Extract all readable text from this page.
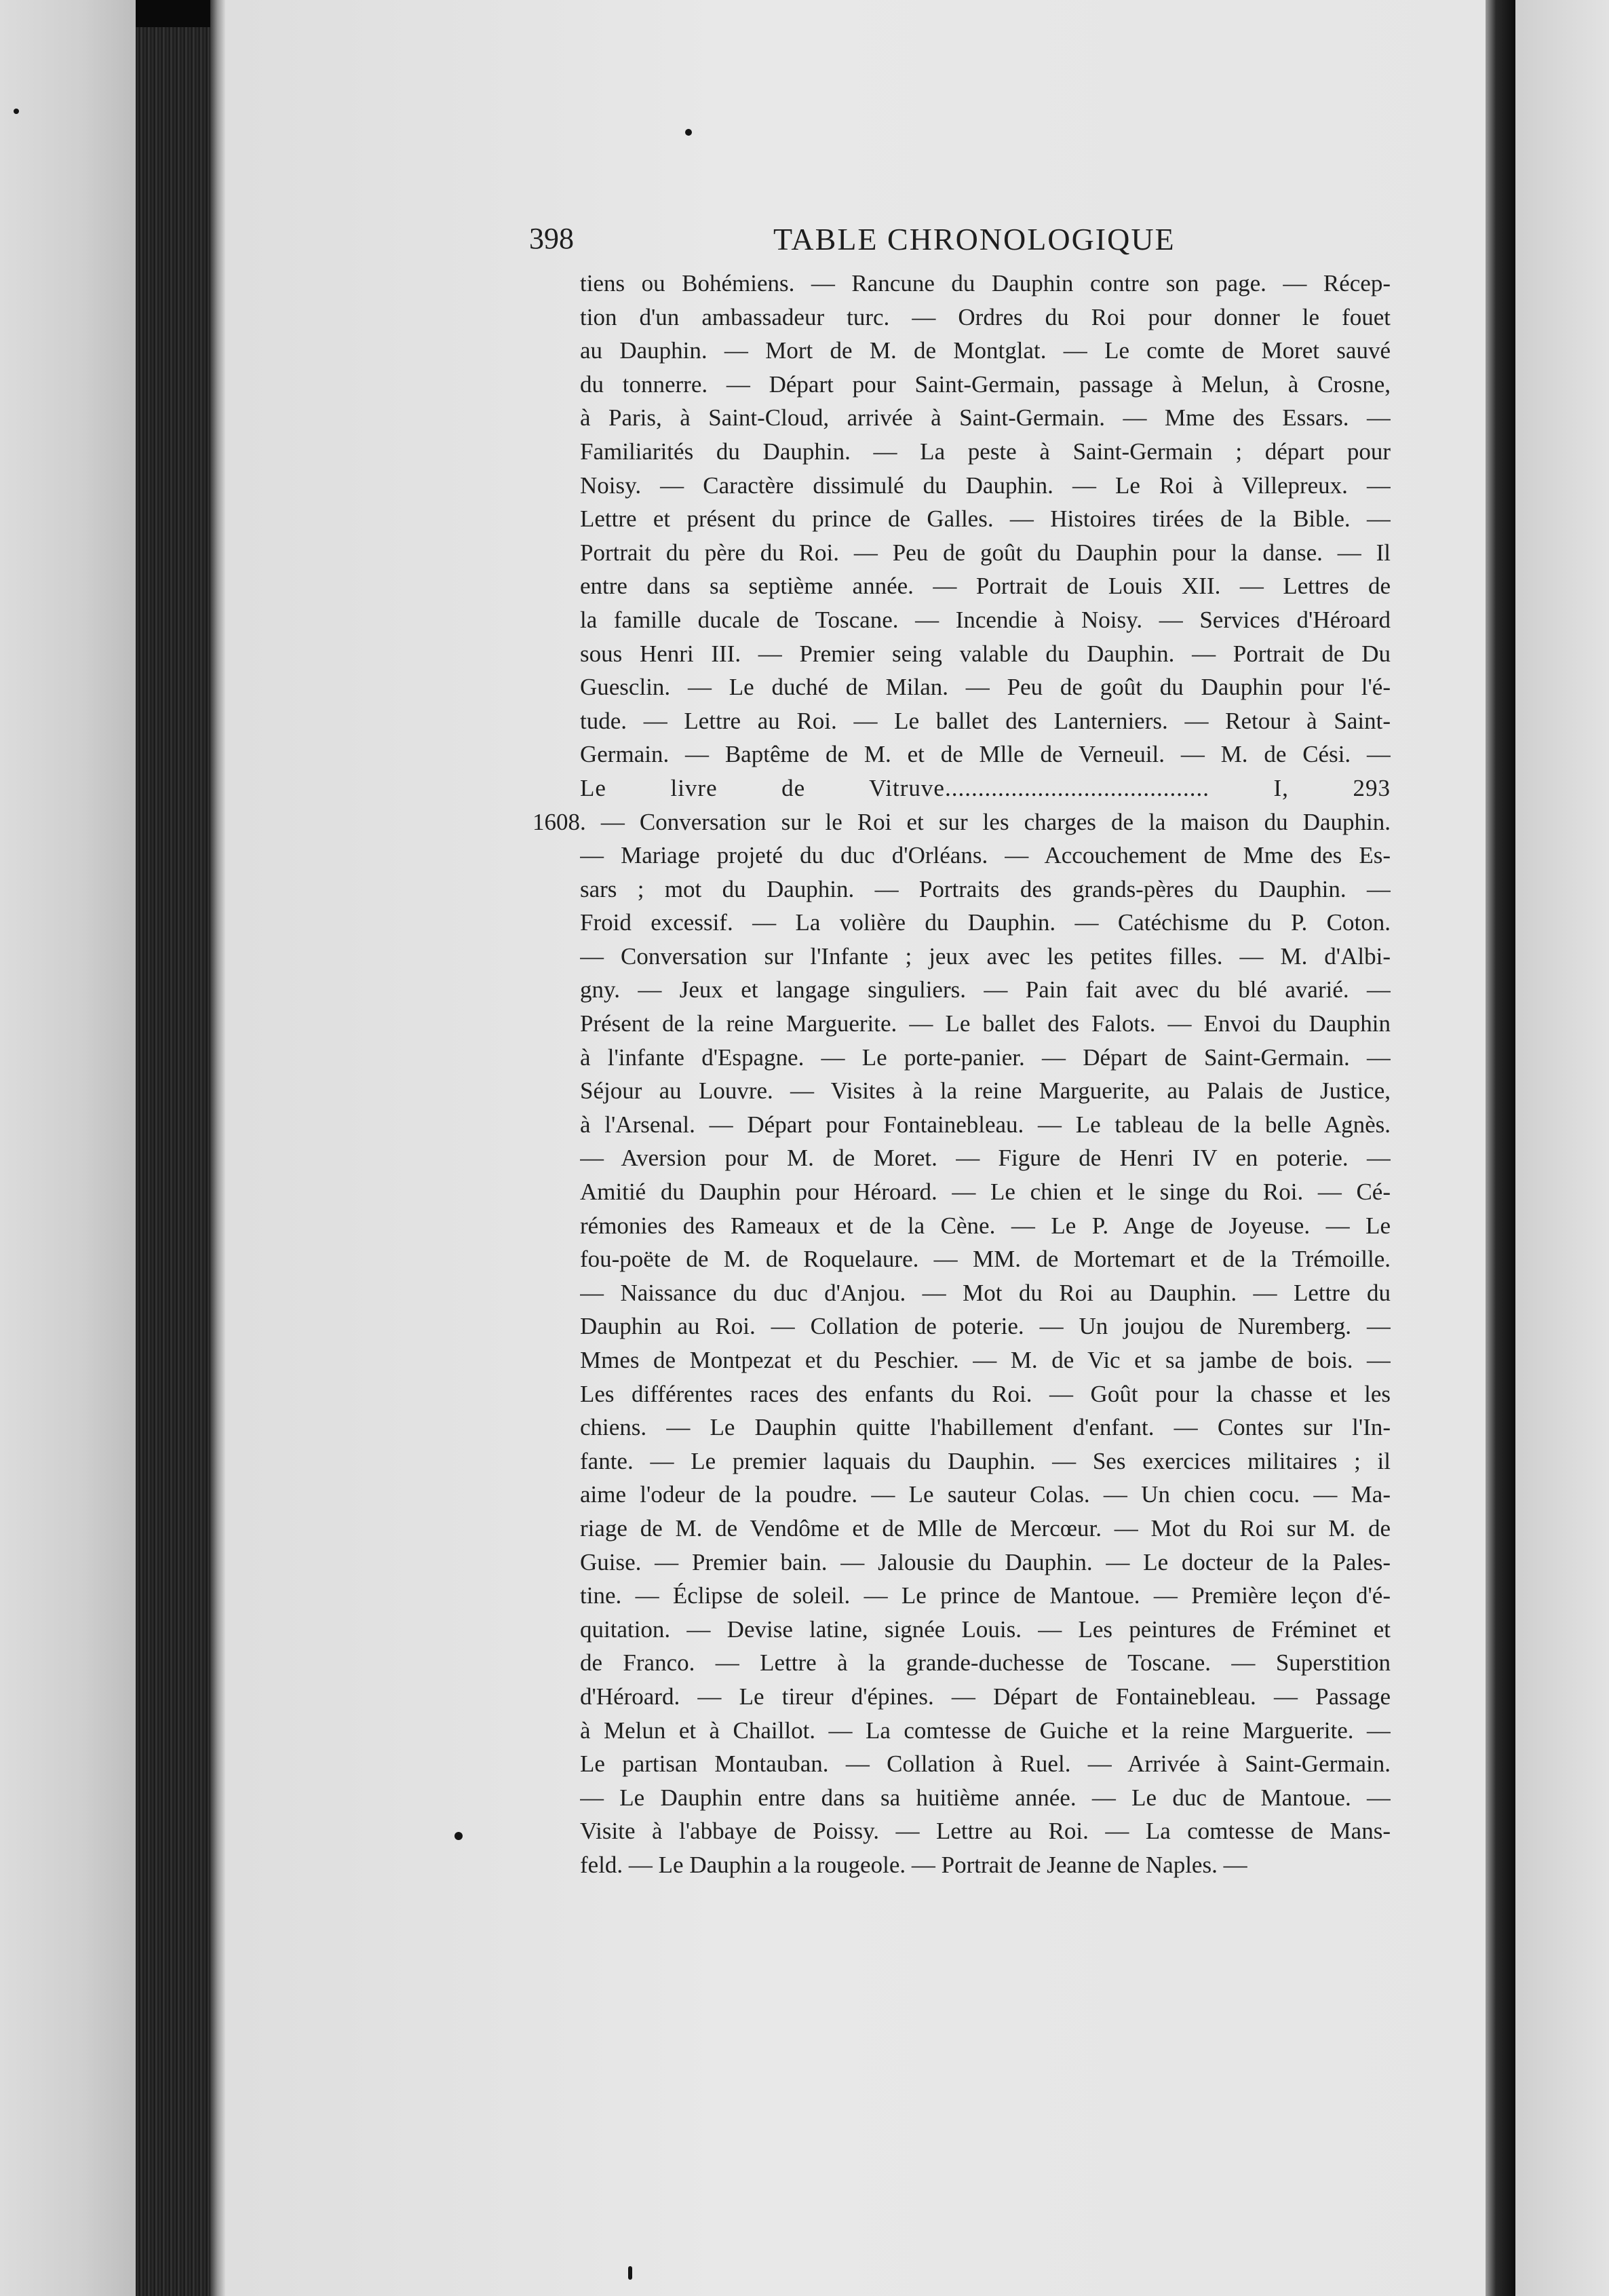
398	TABLE CHRONOLOGIQUE
tiens ou Bohémiens. — Rancune du Dauphin contre son page. — Récep-
tion d'un ambassadeur turc. — Ordres du Roi pour donner le fouet
au Dauphin. — Mort de M. de Montglat. — Le comte de Moret sauvé
du tonnerre. — Départ pour Saint-Germain, passage à Melun, à Crosne,
à Paris, à Saint-Cloud, arrivée à Saint-Germain. — Mme des Essars. —
Familiarités du Dauphin. — La peste à Saint-Germain ; départ pour
Noisy. — Caractère dissimulé du Dauphin. — Le Roi à Villepreux. —
Lettre et présent du prince de Galles. — Histoires tirées de la Bible. —
Portrait du père du Roi. — Peu de goût du Dauphin pour la danse. — Il
entre dans sa septième année. — Portrait de Louis XII. — Lettres de
la famille ducale de Toscane. — Incendie à Noisy. — Services d'Héroard
sous Henri III. — Premier seing valable du Dauphin. — Portrait de Du
Guesclin. — Le duché de Milan. — Peu de goût du Dauphin pour l'é-
tude. — Lettre au Roi. — Le ballet des Lanterniers. — Retour à Saint-
Germain. — Baptême de M. et de Mlle de Verneuil. — M. de Cési. —
Le livre de Vitruve........................................ I, 293
1608. — Conversation sur le Roi et sur les charges de la maison du Dauphin.
— Mariage projeté du duc d'Orléans. — Accouchement de Mme des Es-
sars ; mot du Dauphin. — Portraits des grands-pères du Dauphin. —
Froid excessif. — La volière du Dauphin. — Catéchisme du P. Coton.
— Conversation sur l'Infante ; jeux avec les petites filles. — M. d'Albi-
gny. — Jeux et langage singuliers. — Pain fait avec du blé avarié. —
Présent de la reine Marguerite. — Le ballet des Falots. — Envoi du Dauphin
à l'infante d'Espagne. — Le porte-panier. — Départ de Saint-Germain. —
Séjour au Louvre. — Visites à la reine Marguerite, au Palais de Justice,
à l'Arsenal. — Départ pour Fontainebleau. — Le tableau de la belle Agnès.
— Aversion pour M. de Moret. — Figure de Henri IV en poterie. —
Amitié du Dauphin pour Héroard. — Le chien et le singe du Roi. — Cé-
rémonies des Rameaux et de la Cène. — Le P. Ange de Joyeuse. — Le
fou-poëte de M. de Roquelaure. — MM. de Mortemart et de la Trémoille.
— Naissance du duc d'Anjou. — Mot du Roi au Dauphin. — Lettre du
Dauphin au Roi. — Collation de poterie. — Un joujou de Nuremberg. —
Mmes de Montpezat et du Peschier. — M. de Vic et sa jambe de bois. —
Les différentes races des enfants du Roi. — Goût pour la chasse et les
chiens. — Le Dauphin quitte l'habillement d'enfant. — Contes sur l'In-
fante. — Le premier laquais du Dauphin. — Ses exercices militaires ; il
aime l'odeur de la poudre. — Le sauteur Colas. — Un chien cocu. — Ma-
riage de M. de Vendôme et de Mlle de Mercœur. — Mot du Roi sur M. de
Guise. — Premier bain. — Jalousie du Dauphin. — Le docteur de la Pales-
tine. — Éclipse de soleil. — Le prince de Mantoue. — Première leçon d'é-
quitation. — Devise latine, signée Louis. — Les peintures de Fréminet et
de Franco. — Lettre à la grande-duchesse de Toscane. — Superstition
d'Héroard. — Le tireur d'épines. — Départ de Fontainebleau. — Passage
à Melun et à Chaillot. — La comtesse de Guiche et la reine Marguerite. —
Le partisan Montauban. — Collation à Ruel. — Arrivée à Saint-Germain.
— Le Dauphin entre dans sa huitième année. — Le duc de Mantoue. —
Visite à l'abbaye de Poissy. — Lettre au Roi. — La comtesse de Mans-
feld. — Le Dauphin a la rougeole. — Portrait de Jeanne de Naples. —
